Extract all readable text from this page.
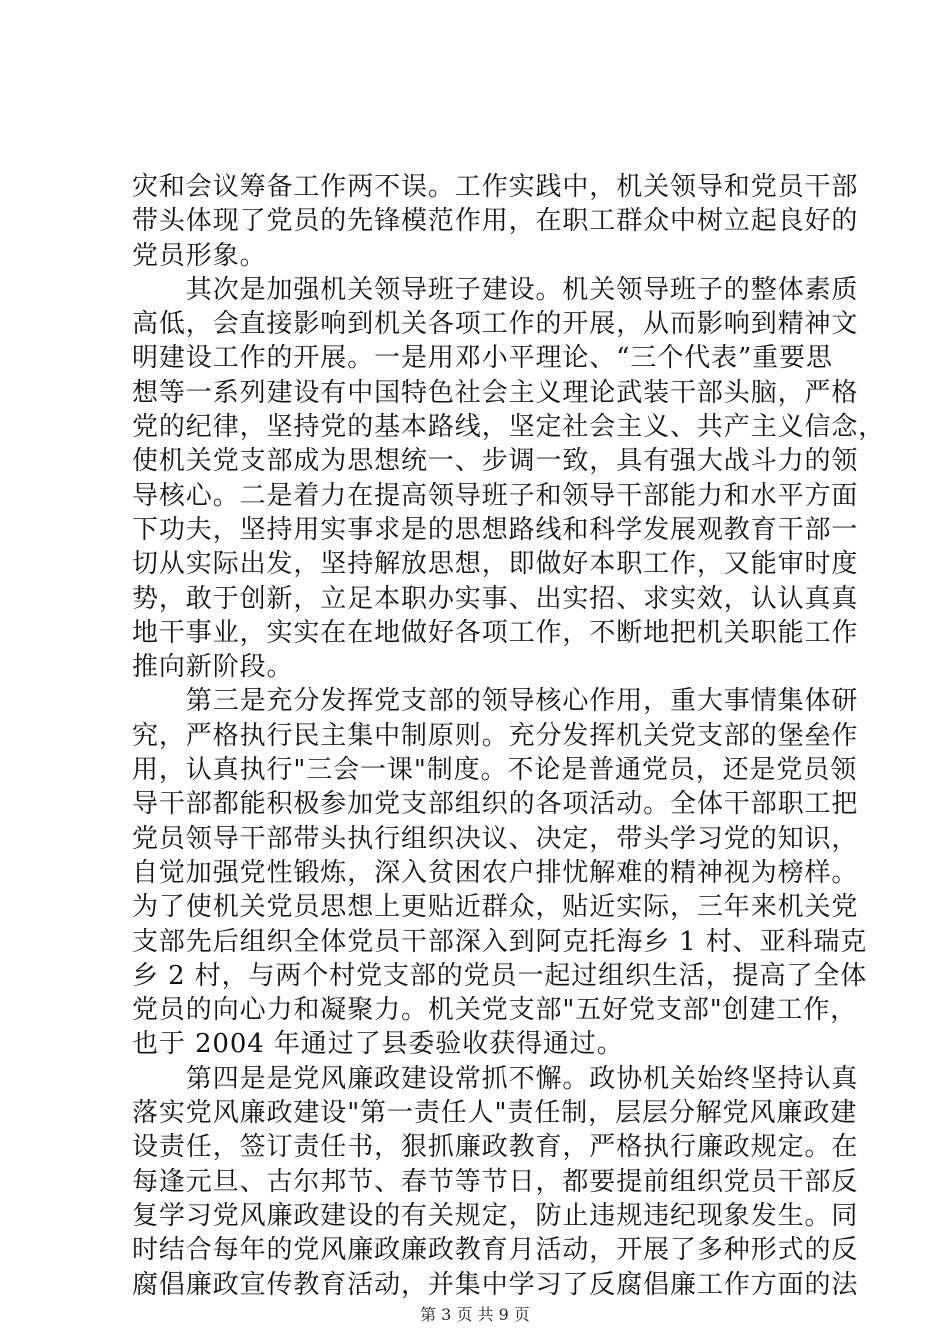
灾和会议筹备工作两不误。工作实践中，机关领导和党员干部
带头体现了党员的先锋模范作用，在职工群众中树立起良好的
党员形象。
　　其次是加强机关领导班子建设。机关领导班子的整体素质
高低，会直接影响到机关各项工作的开展，从而影响到精神文
明建设工作的开展。一是用邓小平理论、“三个代表”重要思
想等一系列建设有中国特色社会主义理论武装干部头脑，严格
党的纪律，坚持党的基本路线，坚定社会主义、共产主义信念，
使机关党支部成为思想统一、步调一致，具有强大战斗力的领
导核心。二是着力在提高领导班子和领导干部能力和水平方面
下功夫，坚持用实事求是的思想路线和科学发展观教育干部一
切从实际出发，坚持解放思想，即做好本职工作，又能审时度
势，敢于创新，立足本职办实事、出实招、求实效，认认真真
地干事业，实实在在地做好各项工作，不断地把机关职能工作
推向新阶段。
　　第三是充分发挥党支部的领导核心作用，重大事情集体研
究，严格执行民主集中制原则。充分发挥机关党支部的堡垒作
用，认真执行"三会一课"制度。不论是普通党员，还是党员领
导干部都能积极参加党支部组织的各项活动。全体干部职工把
党员领导干部带头执行组织决议、决定，带头学习党的知识，
自觉加强党性锻炼，深入贫困农户排忧解难的精神视为榜样。
为了使机关党员思想上更贴近群众，贴近实际，三年来机关党
支部先后组织全体党员干部深入到阿克托海乡 1 村、亚科瑞克
乡 2 村，与两个村党支部的党员一起过组织生活，提高了全体
党员的向心力和凝聚力。机关党支部"五好党支部"创建工作，
也于 2004 年通过了县委验收获得通过。
　　第四是是党风廉政建设常抓不懈。政协机关始终坚持认真
落实党风廉政建设"第一责任人"责任制，层层分解党风廉政建
设责任，签订责任书，狠抓廉政教育，严格执行廉政规定。在
每逢元旦、古尔邦节、春节等节日，都要提前组织党员干部反
复学习党风廉政建设的有关规定，防止违规违纪现象发生。同
时结合每年的党风廉政廉政教育月活动，开展了多种形式的反
腐倡廉政宣传教育活动，并集中学习了反腐倡廉工作方面的法
第 3 页 共 9 页
